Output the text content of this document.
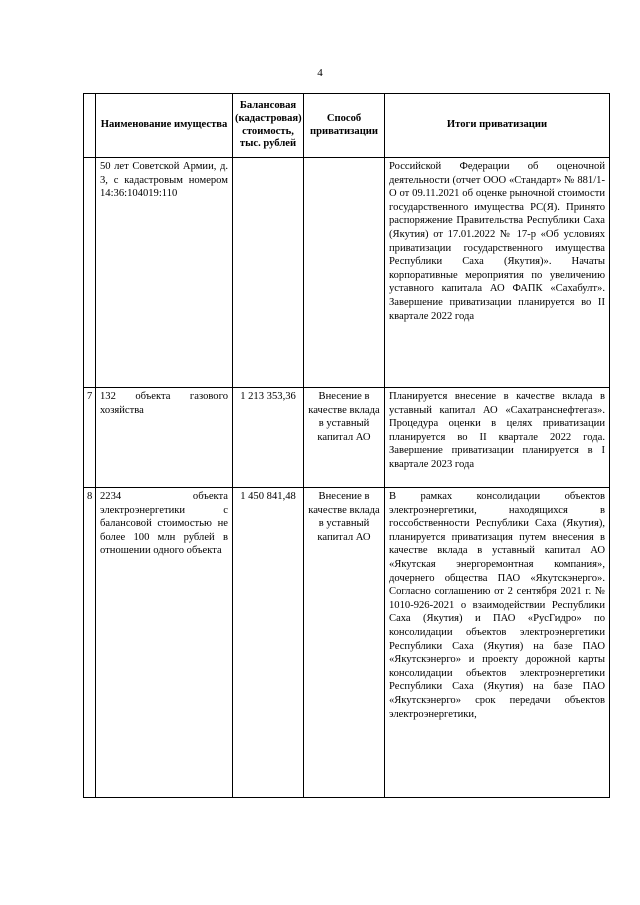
4
	Наименование имущества	Балансовая (кадастровая) стоимость, тыс. рублей	Способ приватизации	Итоги приватизации
	50 лет Советской Армии, д. 3, с кадастровым номером 14:36:104019:110			Российской Федерации об оценочной деятельности (отчет ООО «Стандарт» № 881/1-О от 09.11.2021 об оценке рыночной стоимости государственного имущества РС(Я). Принято распоряжение Правительства Республики Саха (Якутия) от 17.01.2022 № 17-р «Об условиях приватизации государственного имущества Республики Саха (Якутия)». Начаты корпоративные мероприятия по увеличению уставного капитала АО ФАПК «Сахабулт». Завершение приватизации планируется во II квартале 2022 года
7	132 объекта газового хозяйства	1 213 353,36	Внесение в качестве вклада в уставный капитал АО	Планируется внесение в качестве вклада в уставный капитал АО «Сахатранснефтегаз». Процедура оценки в целях приватизации планируется во II квартале 2022 года. Завершение приватизации планируется в I квартале 2023 года
8	2234 объекта электроэнергетики с балансовой стоимостью не более 100 млн рублей в отношении одного объекта	1 450 841,48	Внесение в качестве вклада в уставный капитал АО	В рамках консолидации объектов электроэнергетики, находящихся в госсобственности Республики Саха (Якутия), планируется приватизация путем внесения в качестве вклада в уставный капитал АО «Якутская энергоремонтная компания», дочернего общества ПАО «Якутскэнерго». Согласно соглашению от 2 сентября 2021 г. № 1010-926-2021 о взаимодействии Республики Саха (Якутия) и ПАО «РусГидро» по консолидации объектов электроэнергетики Республики Саха (Якутия) на базе ПАО «Якутскэнерго» и проекту дорожной карты консолидации объектов электроэнергетики Республики Саха (Якутия) на базе ПАО «Якутскэнерго» срок передачи объектов электроэнергетики,
